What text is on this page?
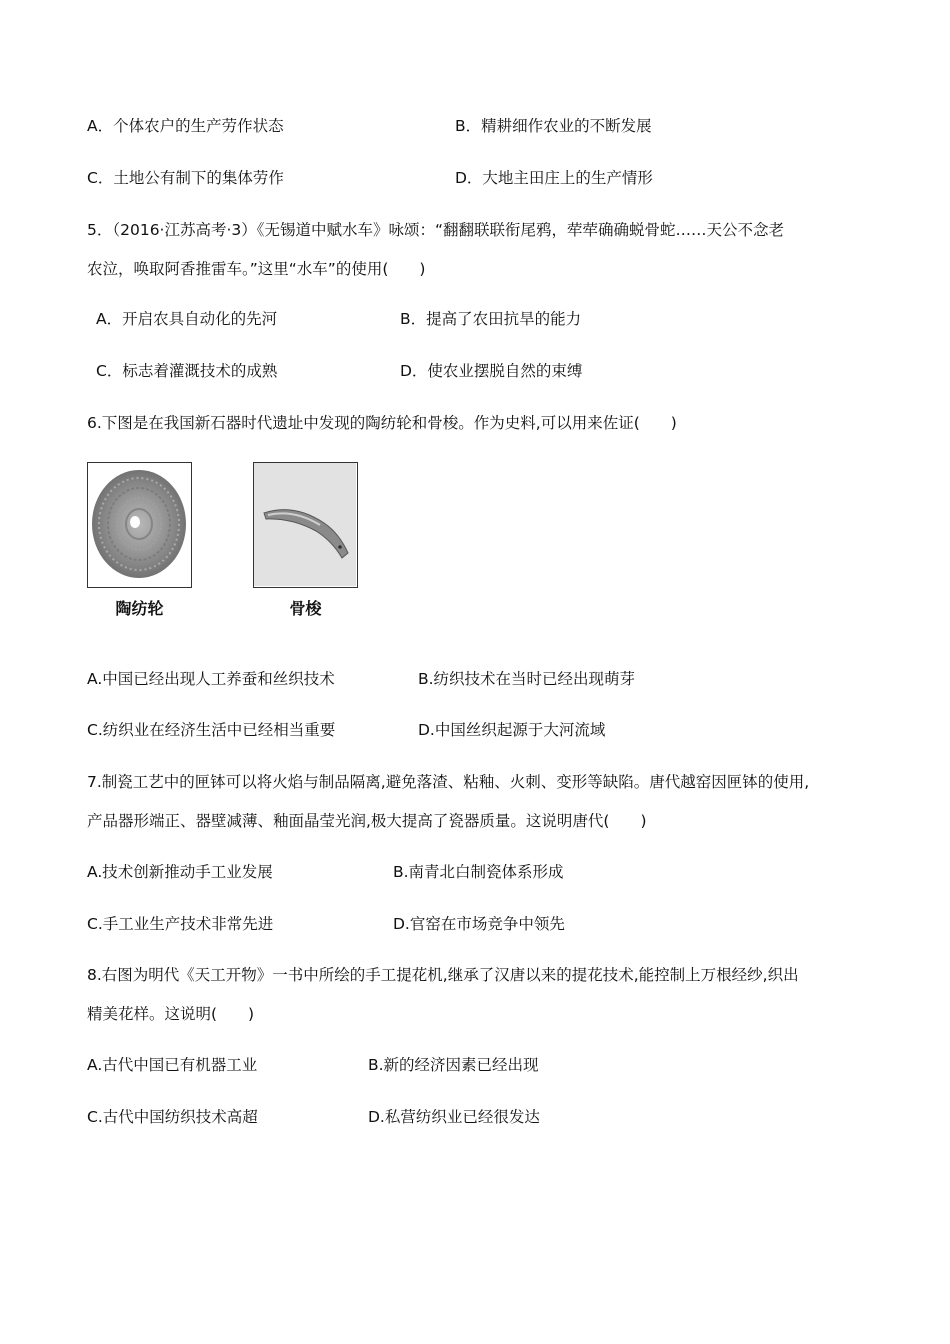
A．个体农户的生产劳作状态	B．精耕细作农业的不断发展
C．土地公有制下的集体劳作	D．大地主田庄上的生产情形
5．（2016·江苏高考·3）《无锡道中赋水车》咏颂：“翻翻联联衔尾鸦，荦荦确确蜕骨蛇……天公不念老
农泣，唤取阿香推雷车。”这里“水车”的使用(　　)
A．开启农具自动化的先河	B．提高了农田抗旱的能力
C．标志着灌溉技术的成熟	D．使农业摆脱自然的束缚
6.下图是在我国新石器时代遗址中发现的陶纺轮和骨梭。作为史料,可以用来佐证(　　)
陶纺轮	骨梭
A.中国已经出现人工养蚕和丝织技术	B.纺织技术在当时已经出现萌芽
C.纺织业在经济生活中已经相当重要	D.中国丝织起源于大河流域
7.制瓷工艺中的匣钵可以将火焰与制品隔离,避免落渣、粘釉、火刺、变形等缺陷。唐代越窑因匣钵的使用,
产品器形端正、器壁减薄、釉面晶莹光润,极大提高了瓷器质量。这说明唐代(　　)
A.技术创新推动手工业发展	B.南青北白制瓷体系形成
C.手工业生产技术非常先进	D.官窑在市场竞争中领先
8.右图为明代《天工开物》一书中所绘的手工提花机,继承了汉唐以来的提花技术,能控制上万根经纱,织出
精美花样。这说明(　　)
A.古代中国已有机器工业	B.新的经济因素已经出现
C.古代中国纺织技术高超	D.私营纺织业已经很发达
